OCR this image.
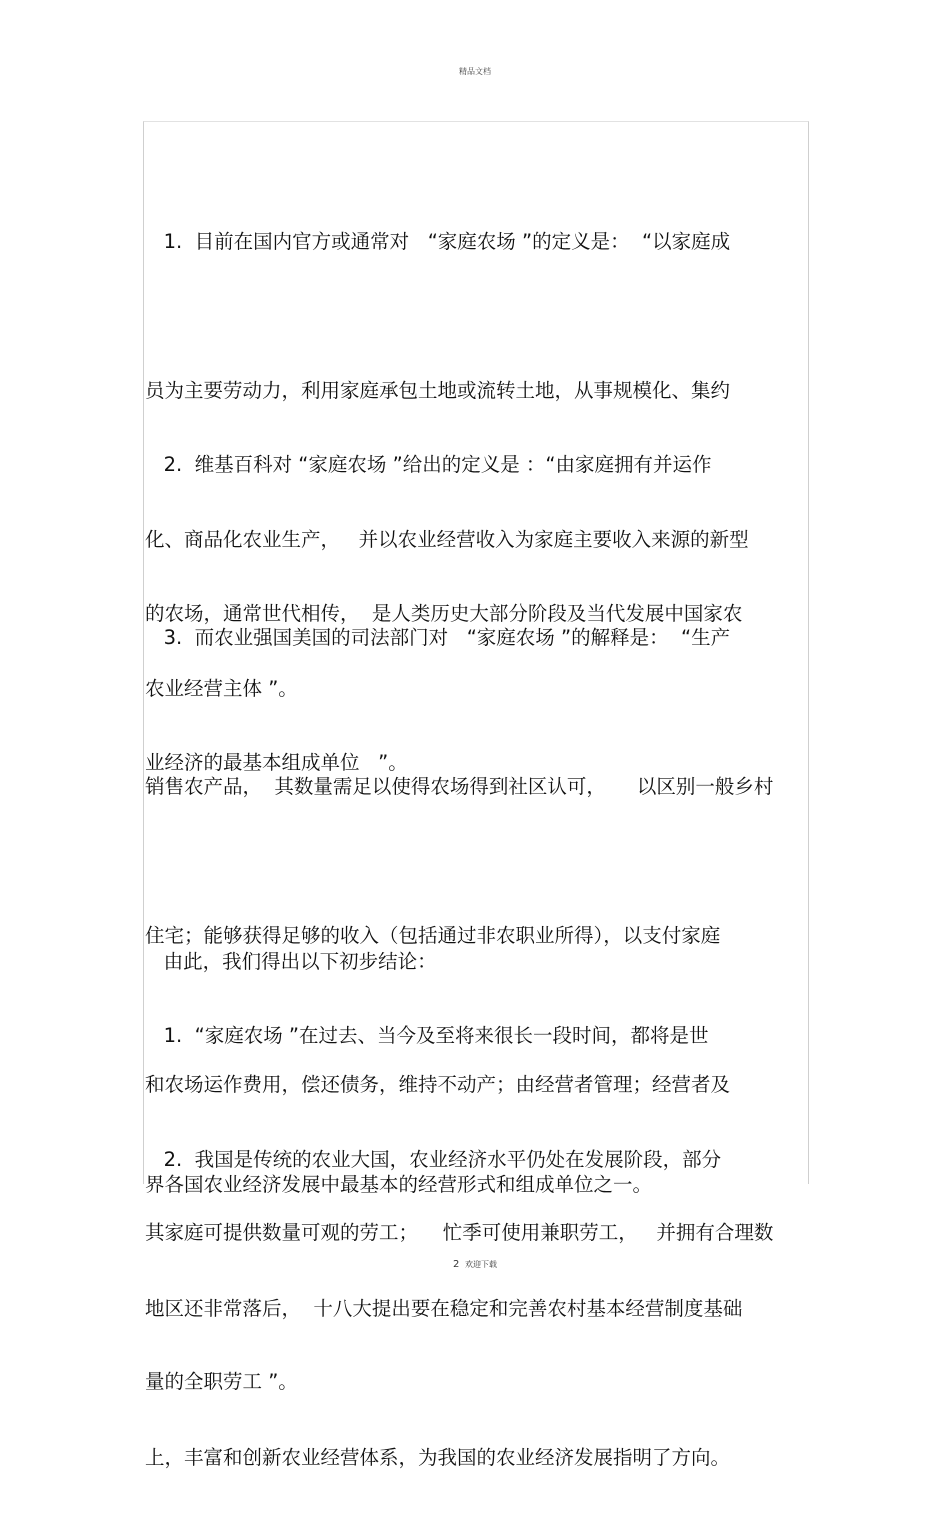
精品文档

1.  目前在国内官方或通常对   “家庭农场 ”的定义是：  “以家庭成

员为主要劳动力，利用家庭承包土地或流转土地，从事规模化、集约

化、商品化农业生产，   并以农业经营收入为家庭主要收入来源的新型

农业经营主体 ”。

2.  维基百科对 “家庭农场 ”给出的定义是 ：“由家庭拥有并运作

的农场，通常世代相传，  是人类历史大部分阶段及当代发展中国家农

业经济的最基本组成单位   ”。

3.  而农业强国美国的司法部门对   “家庭农场 ”的解释是：  “生产

销售农产品，  其数量需足以使得农场得到社区认可，     以区别一般乡村

住宅；能够获得足够的收入（包括通过非农职业所得），以支付家庭

和农场运作费用，偿还债务，维持不动产；由经营者管理；经营者及

其家庭可提供数量可观的劳工；    忙季可使用兼职劳工，   并拥有合理数

量的全职劳工 ”。

由此，我们得出以下初步结论：

1.  “家庭农场 ”在过去、当今及至将来很长一段时间，都将是世

界各国农业经济发展中最基本的经营形式和组成单位之一。

2.  我国是传统的农业大国，农业经济水平仍处在发展阶段，部分

地区还非常落后，  十八大提出要在稳定和完善农村基本经营制度基础

上，丰富和创新农业经营体系，为我国的农业经济发展指明了方向。

2 欢迎下载
